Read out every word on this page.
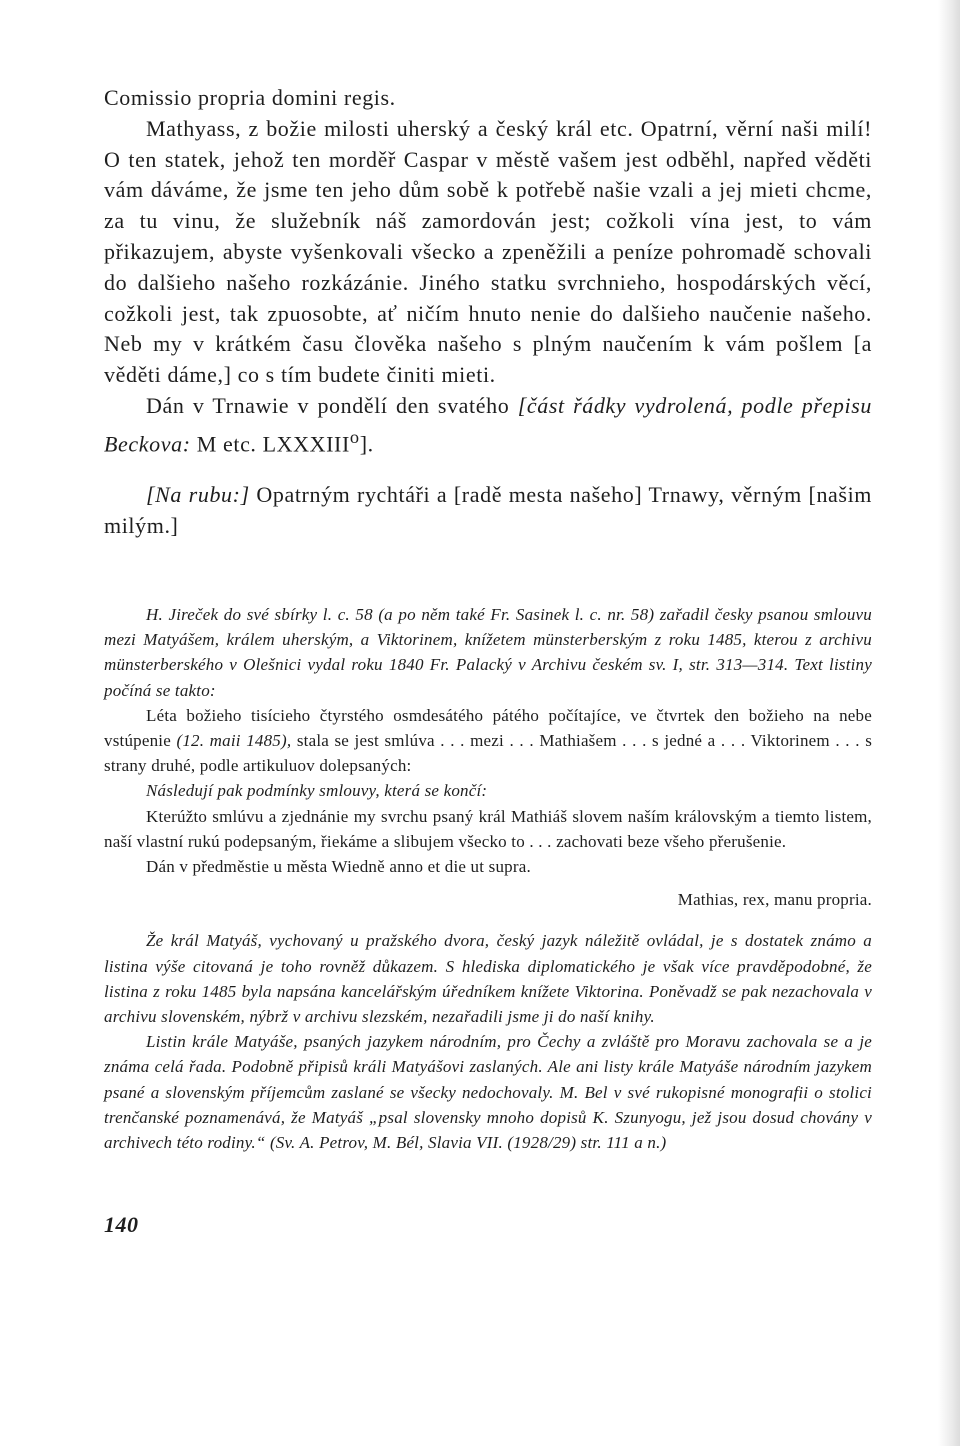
Comissio propria domini regis.

Mathyass, z božie milosti uherský a český král etc. Opatrní, věrní naši milí! O ten statek, jehož ten morděř Caspar v městě vašem jest odběhl, napřed věděti vám dáváme, že jsme ten jeho dům sobě k potřebě našie vzali a jej mieti chcme, za tu vinu, že služebník náš zamordován jest; cožkoli vína jest, to vám přikazujem, abyste vyšenkovali všecko a zpeněžili a peníze pohromadě schovali do dalšieho našeho rozkázánie. Jiného statku svrchnieho, hospodárských věcí, cožkoli jest, tak zpuosobte, ať ničím hnuto nenie do dalšieho naučenie našeho. Neb my v krátkém času člověka našeho s plným naučením k vám pošlem [a věděti dáme,] co s tím budete činiti mieti.

Dán v Trnawie v pondělí den svatého [část řádky vydrolená, podle přepisu Beckova: M etc. LXXXIII$^o$].

[Na rubu:] Opatrným rychtáři a [radě mesta našeho] Trnawy, věrným [našim milým.]

H. Jireček do své sbírky l. c. 58 (a po něm také Fr. Sasinek l. c. nr. 58) zařadil česky psanou smlouvu mezi Matyášem, králem uherským, a Viktorinem, knížetem münsterberským z roku 1485, kterou z archivu münsterberského v Olešnici vydal roku 1840 Fr. Palacký v Archivu českém sv. I, str. 313—314. Text listiny počíná se takto:

Léta božieho tisícieho čtyrstého osmdesátého pátého počítajíce, ve čtvrtek den božieho na nebe vstúpenie (12. maii 1485), stala se jest smlúva . . . mezi . . . Mathiašem . . . s jedné a . . . Viktorinem . . . s strany druhé, podle artikuluov dolepsaných:

Následují pak podmínky smlouvy, která se končí:

Kterúžto smlúvu a zjednánie my svrchu psaný král Mathiáš slovem naším královským a tiemto listem, naší vlastní rukú podepsaným, řiekáme a slibujem všecko to . . . zachovati beze všeho přerušenie.

Dán v předměstie u města Wiedně anno et die ut supra.

Mathias, rex, manu propria.

Že král Matyáš, vychovaný u pražského dvora, český jazyk náležitě ovládal, je s dostatek známo a listina výše citovaná je toho rovněž důkazem. S hlediska diplomatického je však více pravděpodobné, že listina z roku 1485 byla napsána kancelářským úředníkem knížete Viktorina. Poněvadž se pak nezachovala v archivu slovenském, nýbrž v archivu slezském, nezařadili jsme ji do naší knihy.

Listin krále Matyáše, psaných jazykem národním, pro Čechy a zvláště pro Moravu zachovala se a je známa celá řada. Podobně připisů králi Matyášovi zaslaných. Ale ani listy krále Matyáše národním jazykem psané a slovenským příjemcům zaslané se všecky nedochovaly. M. Bel v své rukopisné monografii o stolici trenčanské poznamenává, že Matyáš „psal slovensky mnoho dopisů K. Szunyogu, jež jsou dosud chovány v archivech této rodiny.“ (Sv. A. Petrov, M. Bél, Slavia VII. (1928/29) str. 111 a n.)

140
